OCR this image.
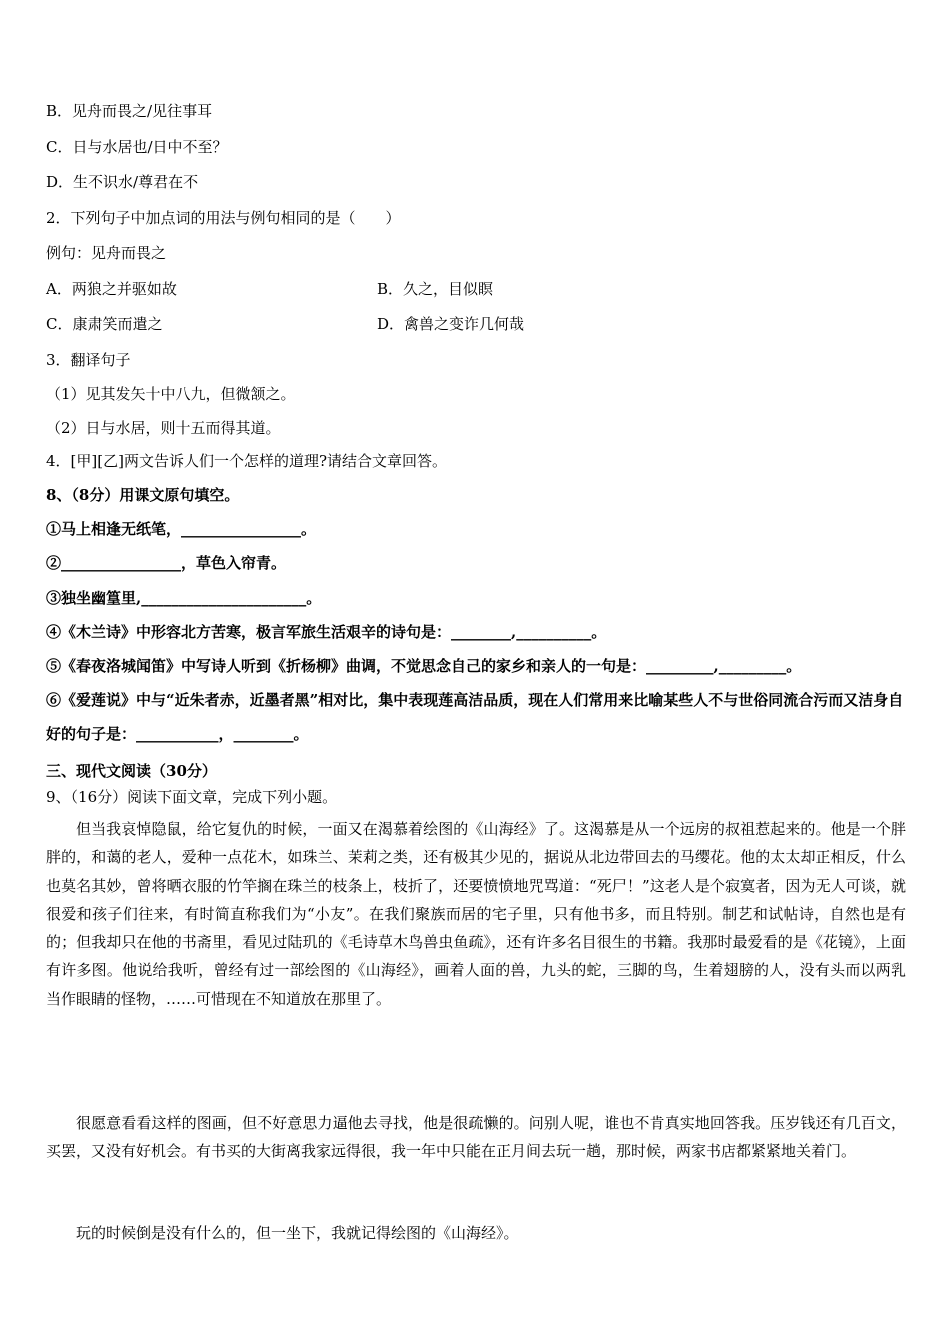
B．见舟而畏之/见往事耳
C．日与水居也/日中不至？
D．生不识水/尊君在不
2．下列句子中加点词的用法与例句相同的是（　　）
例句：见舟而畏之
A．两狼之并驱如故	B．久之，目似瞑
C．康肃笑而遣之	D．禽兽之变诈几何哉
3．翻译句子
（1）见其发矢十中八九，但微颔之。
（2）日与水居，则十五而得其道。
4．[甲][乙]两文告诉人们一个怎样的道理?请结合文章回答。
8、（8分）用课文原句填空。
①马上相逢无纸笔，________________。
②________________，草色入帘青。
③独坐幽篁里,______________________。
④《木兰诗》中形容北方苦寒，极言军旅生活艰辛的诗句是：________,__________。
⑤《春夜洛城闻笛》中写诗人听到《折杨柳》曲调，不觉思念自己的家乡和亲人的一句是：_________,_________。

⑥《爱莲说》中与“近朱者赤，近墨者黑”相对比，集中表现莲高洁品质，现在人们常用来比喻某些人不与世俗同流合污而又洁身自好的句子是：___________，________。

三、现代文阅读（30分）
9、（16分）阅读下面文章，完成下列小题。

但当我哀悼隐鼠，给它复仇的时候，一面又在渴慕着绘图的《山海经》了。这渴慕是从一个远房的叔祖惹起来的。他是一个胖胖的，和蔼的老人，爱种一点花木，如珠兰、茉莉之类，还有极其少见的，据说从北边带回去的马缨花。他的太太却正相反，什么也莫名其妙，曾将晒衣服的竹竿搁在珠兰的枝条上，枝折了，还要愤愤地咒骂道：“死尸！”这老人是个寂寞者，因为无人可谈，就很爱和孩子们往来，有时简直称我们为“小友”。在我们聚族而居的宅子里，只有他书多，而且特别。制艺和试帖诗，自然也是有的；但我却只在他的书斋里，看见过陆玑的《毛诗草木鸟兽虫鱼疏》，还有许多名目很生的书籍。我那时最爱看的是《花镜》，上面有许多图。他说给我听，曾经有过一部绘图的《山海经》，画着人面的兽，九头的蛇，三脚的鸟，生着翅膀的人，没有头而以两乳当作眼睛的怪物，……可惜现在不知道放在那里了。

很愿意看看这样的图画，但不好意思力逼他去寻找，他是很疏懒的。问别人呢，谁也不肯真实地回答我。压岁钱还有几百文，买罢，又没有好机会。有书买的大街离我家远得很，我一年中只能在正月间去玩一趟，那时候，两家书店都紧紧地关着门。

玩的时候倒是没有什么的，但一坐下，我就记得绘图的《山海经》。
